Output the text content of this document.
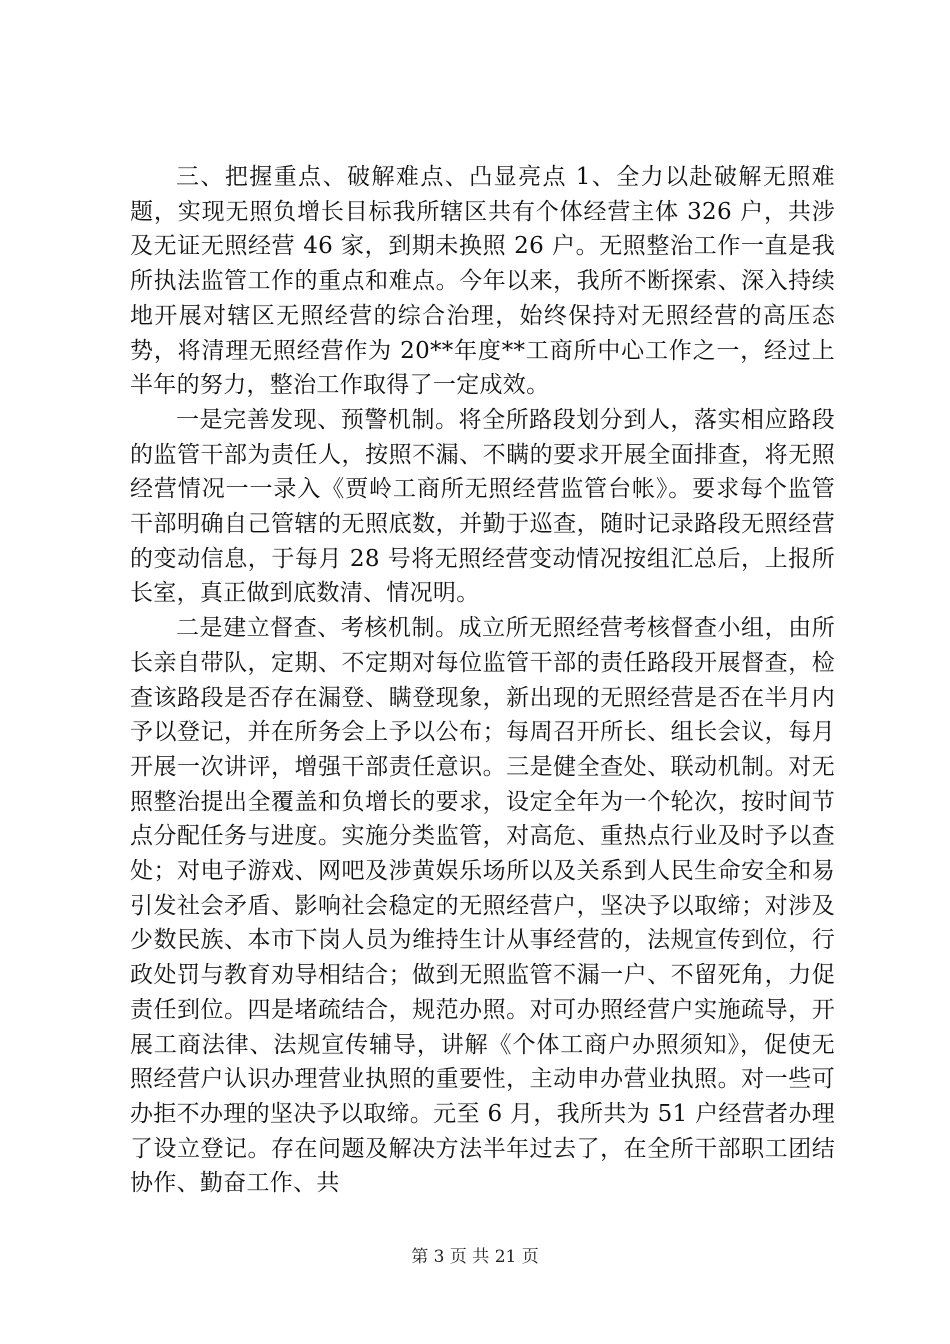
三、把握重点、破解难点、凸显亮点 1、全力以赴破解无照难题，实现无照负增长目标我所辖区共有个体经营主体 326 户，共涉及无证无照经营 46 家，到期未换照 26 户。无照整治工作一直是我所执法监管工作的重点和难点。今年以来，我所不断探索、深入持续地开展对辖区无照经营的综合治理，始终保持对无照经营的高压态势，将清理无照经营作为 20**年度**工商所中心工作之一，经过上半年的努力，整治工作取得了一定成效。

一是完善发现、预警机制。将全所路段划分到人，落实相应路段的监管干部为责任人，按照不漏、不瞒的要求开展全面排查，将无照经营情况一一录入《贾岭工商所无照经营监管台帐》。要求每个监管干部明确自己管辖的无照底数，并勤于巡查，随时记录路段无照经营的变动信息，于每月 28 号将无照经营变动情况按组汇总后，上报所长室，真正做到底数清、情况明。

二是建立督查、考核机制。成立所无照经营考核督查小组，由所长亲自带队，定期、不定期对每位监管干部的责任路段开展督查，检查该路段是否存在漏登、瞒登现象，新出现的无照经营是否在半月内予以登记，并在所务会上予以公布；每周召开所长、组长会议，每月开展一次讲评，增强干部责任意识。三是健全查处、联动机制。对无照整治提出全覆盖和负增长的要求，设定全年为一个轮次，按时间节点分配任务与进度。实施分类监管，对高危、重热点行业及时予以查处；对电子游戏、网吧及涉黄娱乐场所以及关系到人民生命安全和易引发社会矛盾、影响社会稳定的无照经营户，坚决予以取缔；对涉及少数民族、本市下岗人员为维持生计从事经营的，法规宣传到位，行政处罚与教育劝导相结合；做到无照监管不漏一户、不留死角，力促责任到位。四是堵疏结合，规范办照。对可办照经营户实施疏导，开展工商法律、法规宣传辅导，讲解《个体工商户办照须知》，促使无照经营户认识办理营业执照的重要性，主动申办营业执照。对一些可办拒不办理的坚决予以取缔。元至 6 月，我所共为 51 户经营者办理了设立登记。存在问题及解决方法半年过去了，在全所干部职工团结协作、勤奋工作、共

第 3 页 共 21 页
